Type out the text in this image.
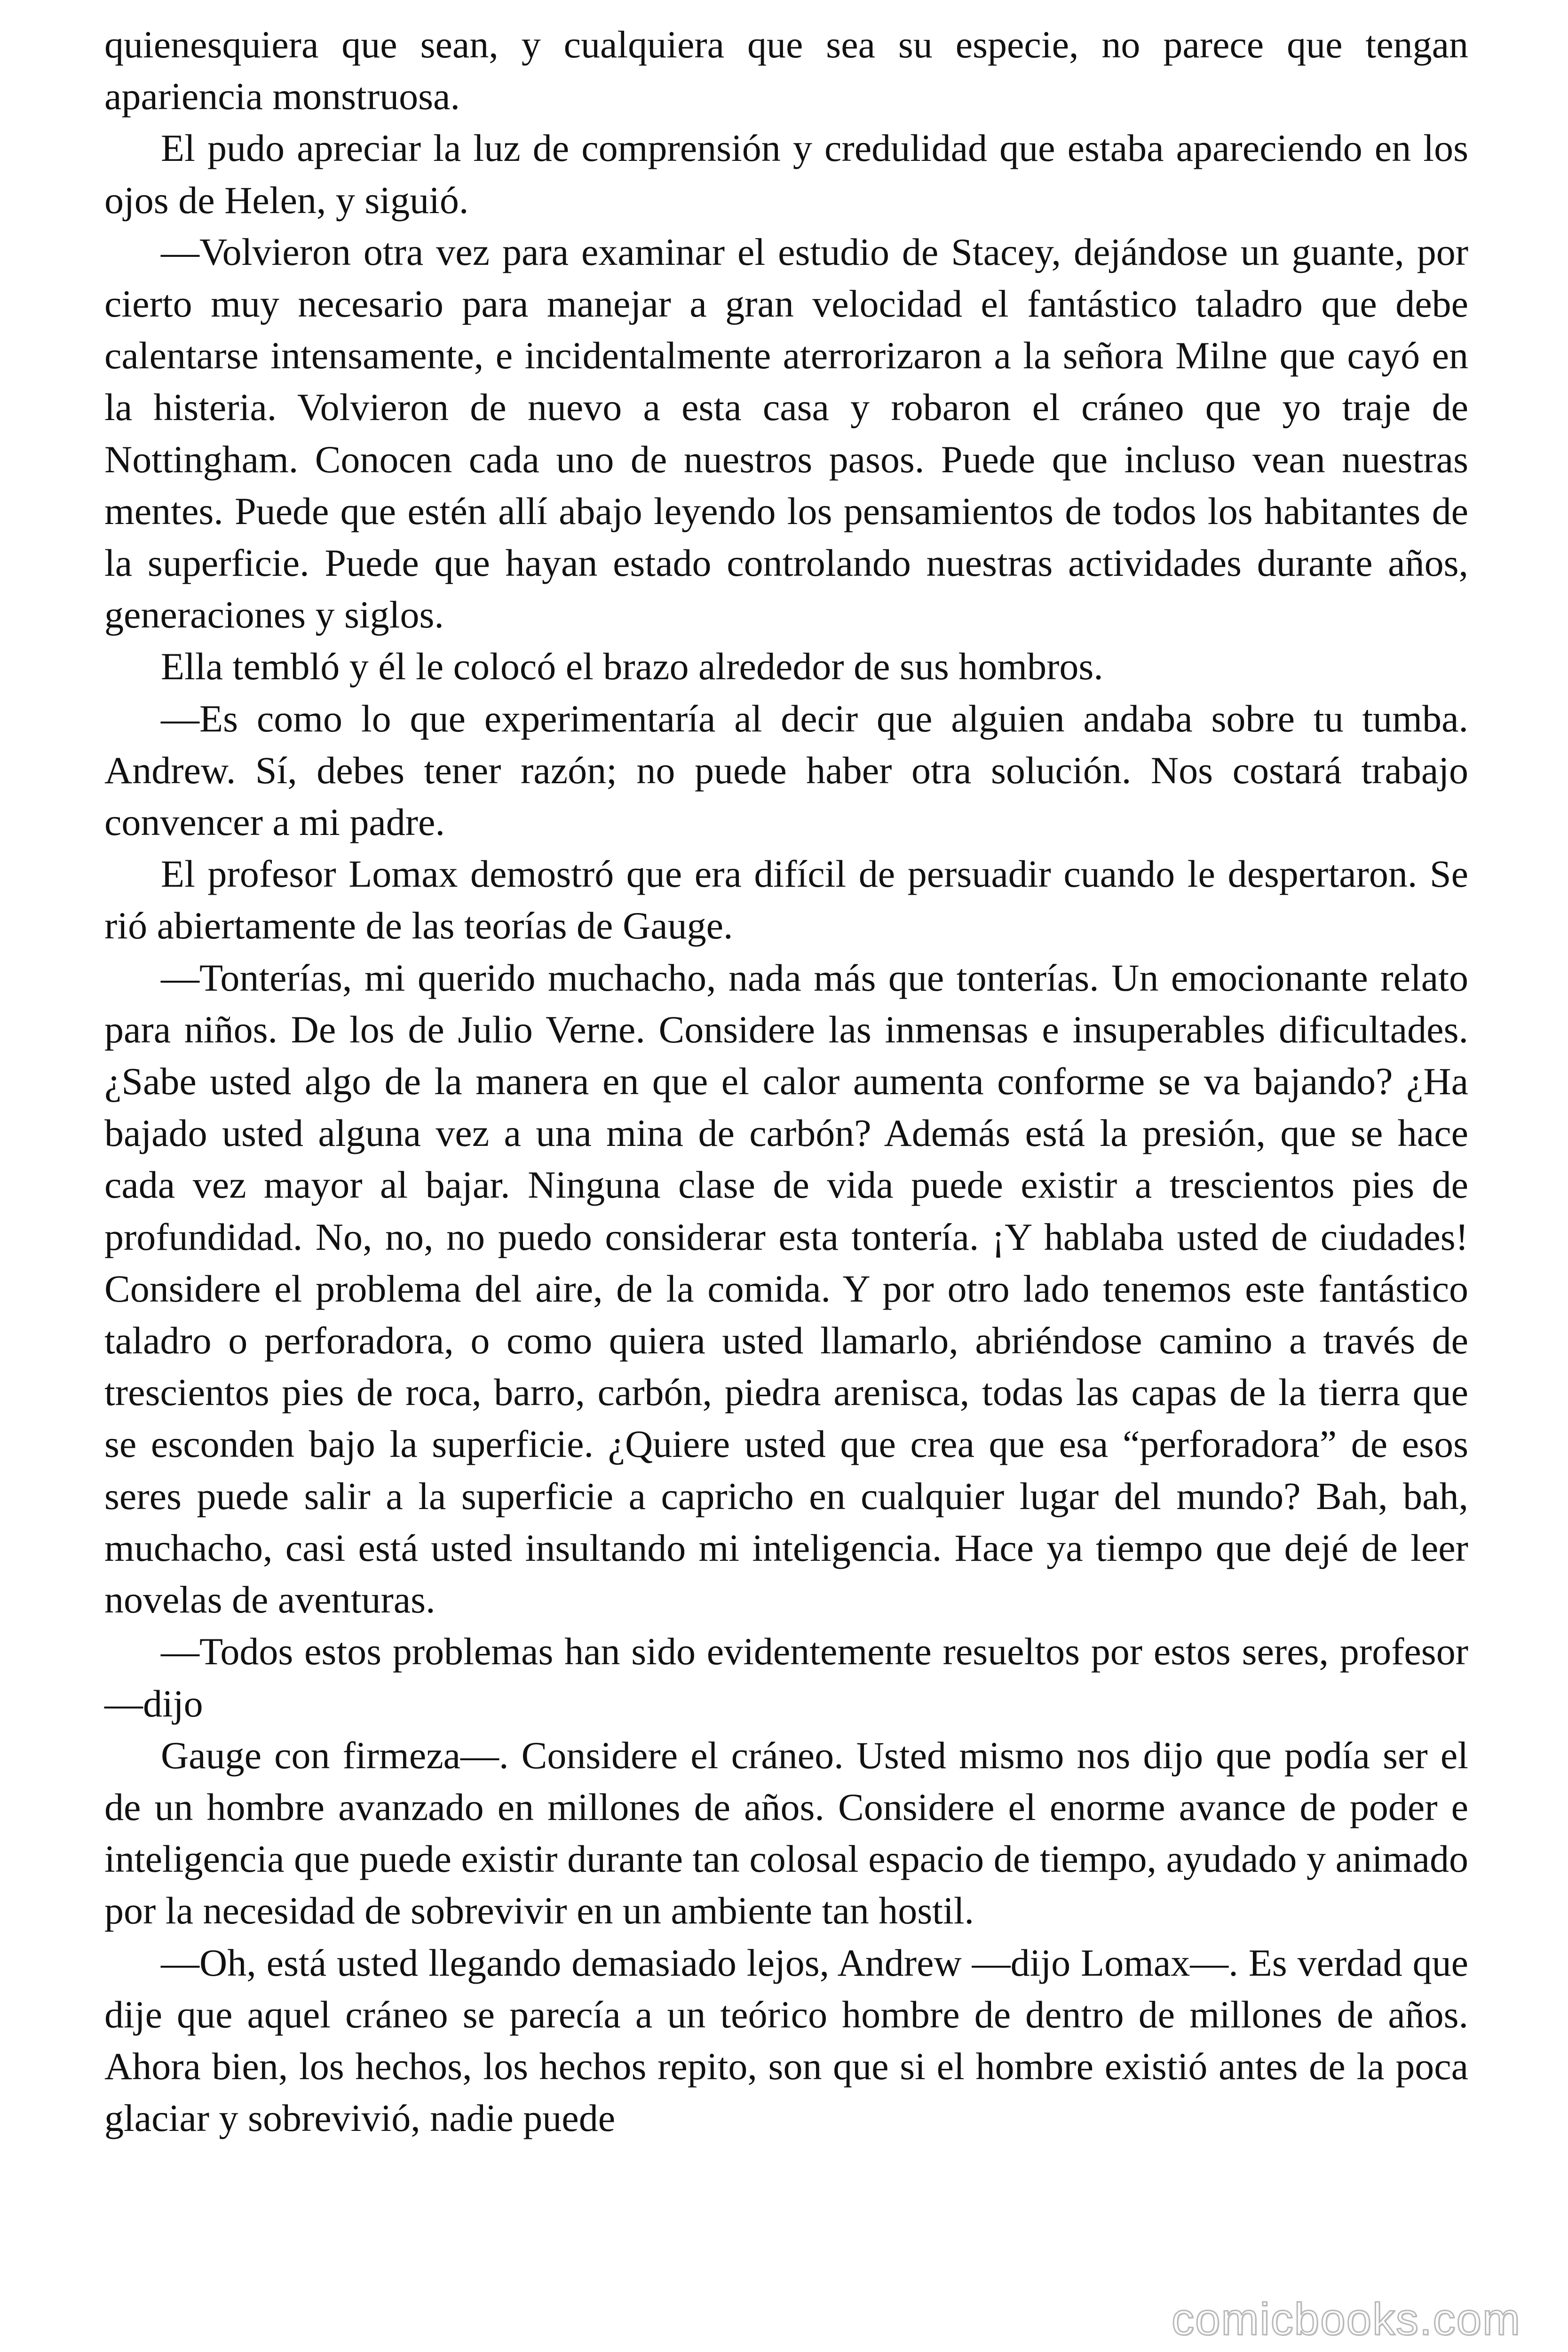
quienesquiera que sean, y cualquiera que sea su especie, no parece que tengan apariencia monstruosa.

El pudo apreciar la luz de comprensión y credulidad que estaba apareciendo en los ojos de Helen, y siguió.

—Volvieron otra vez para examinar el estudio de Stacey, dejándose un guante, por cierto muy necesario para manejar a gran velocidad el fantástico taladro que debe calentarse intensamente, e incidentalmente aterrorizaron a la señora Milne que cayó en la histeria. Volvieron de nuevo a esta casa y robaron el cráneo que yo traje de Nottingham. Conocen cada uno de nuestros pasos. Puede que incluso vean nuestras mentes. Puede que estén allí abajo leyendo los pensamientos de todos los habitantes de la superficie. Puede que hayan estado controlando nuestras actividades durante años, generaciones y siglos.

Ella tembló y él le colocó el brazo alrededor de sus hombros.

—Es como lo que experimentaría al decir que alguien andaba sobre tu tumba. Andrew. Sí, debes tener razón; no puede haber otra solución. Nos costará trabajo convencer a mi padre.

El profesor Lomax demostró que era difícil de persuadir cuando le despertaron. Se rió abiertamente de las teorías de Gauge.

—Tonterías, mi querido muchacho, nada más que tonterías. Un emocionante relato para niños. De los de Julio Verne. Considere las inmensas e insuperables dificultades. ¿Sabe usted algo de la manera en que el calor aumenta conforme se va bajando? ¿Ha bajado usted alguna vez a una mina de carbón? Además está la presión, que se hace cada vez mayor al bajar. Ninguna clase de vida puede existir a trescientos pies de profundidad. No, no, no puedo considerar esta tontería. ¡Y hablaba usted de ciudades! Considere el problema del aire, de la comida. Y por otro lado tenemos este fantástico taladro o perforadora, o como quiera usted llamarlo, abriéndose camino a través de trescientos pies de roca, barro, carbón, piedra arenisca, todas las capas de la tierra que se esconden bajo la superficie. ¿Quiere usted que crea que esa “perforadora” de esos seres puede salir a la superficie a capricho en cualquier lugar del mundo? Bah, bah, muchacho, casi está usted insultando mi inteligencia. Hace ya tiempo que dejé de leer novelas de aventuras.

—Todos estos problemas han sido evidentemente resueltos por estos seres, profesor —dijo

Gauge con firmeza—. Considere el cráneo. Usted mismo nos dijo que podía ser el de un hombre avanzado en millones de años. Considere el enorme avance de poder e inteligencia que puede existir durante tan colosal espacio de tiempo, ayudado y animado por la necesidad de sobrevivir en un ambiente tan hostil.

—Oh, está usted llegando demasiado lejos, Andrew —dijo Lomax—. Es verdad que dije que aquel cráneo se parecía a un teórico hombre de dentro de millones de años. Ahora bien, los hechos, los hechos repito, son que si el hombre existió antes de la poca glaciar y sobrevivió, nadie puede

comicbooks.com
